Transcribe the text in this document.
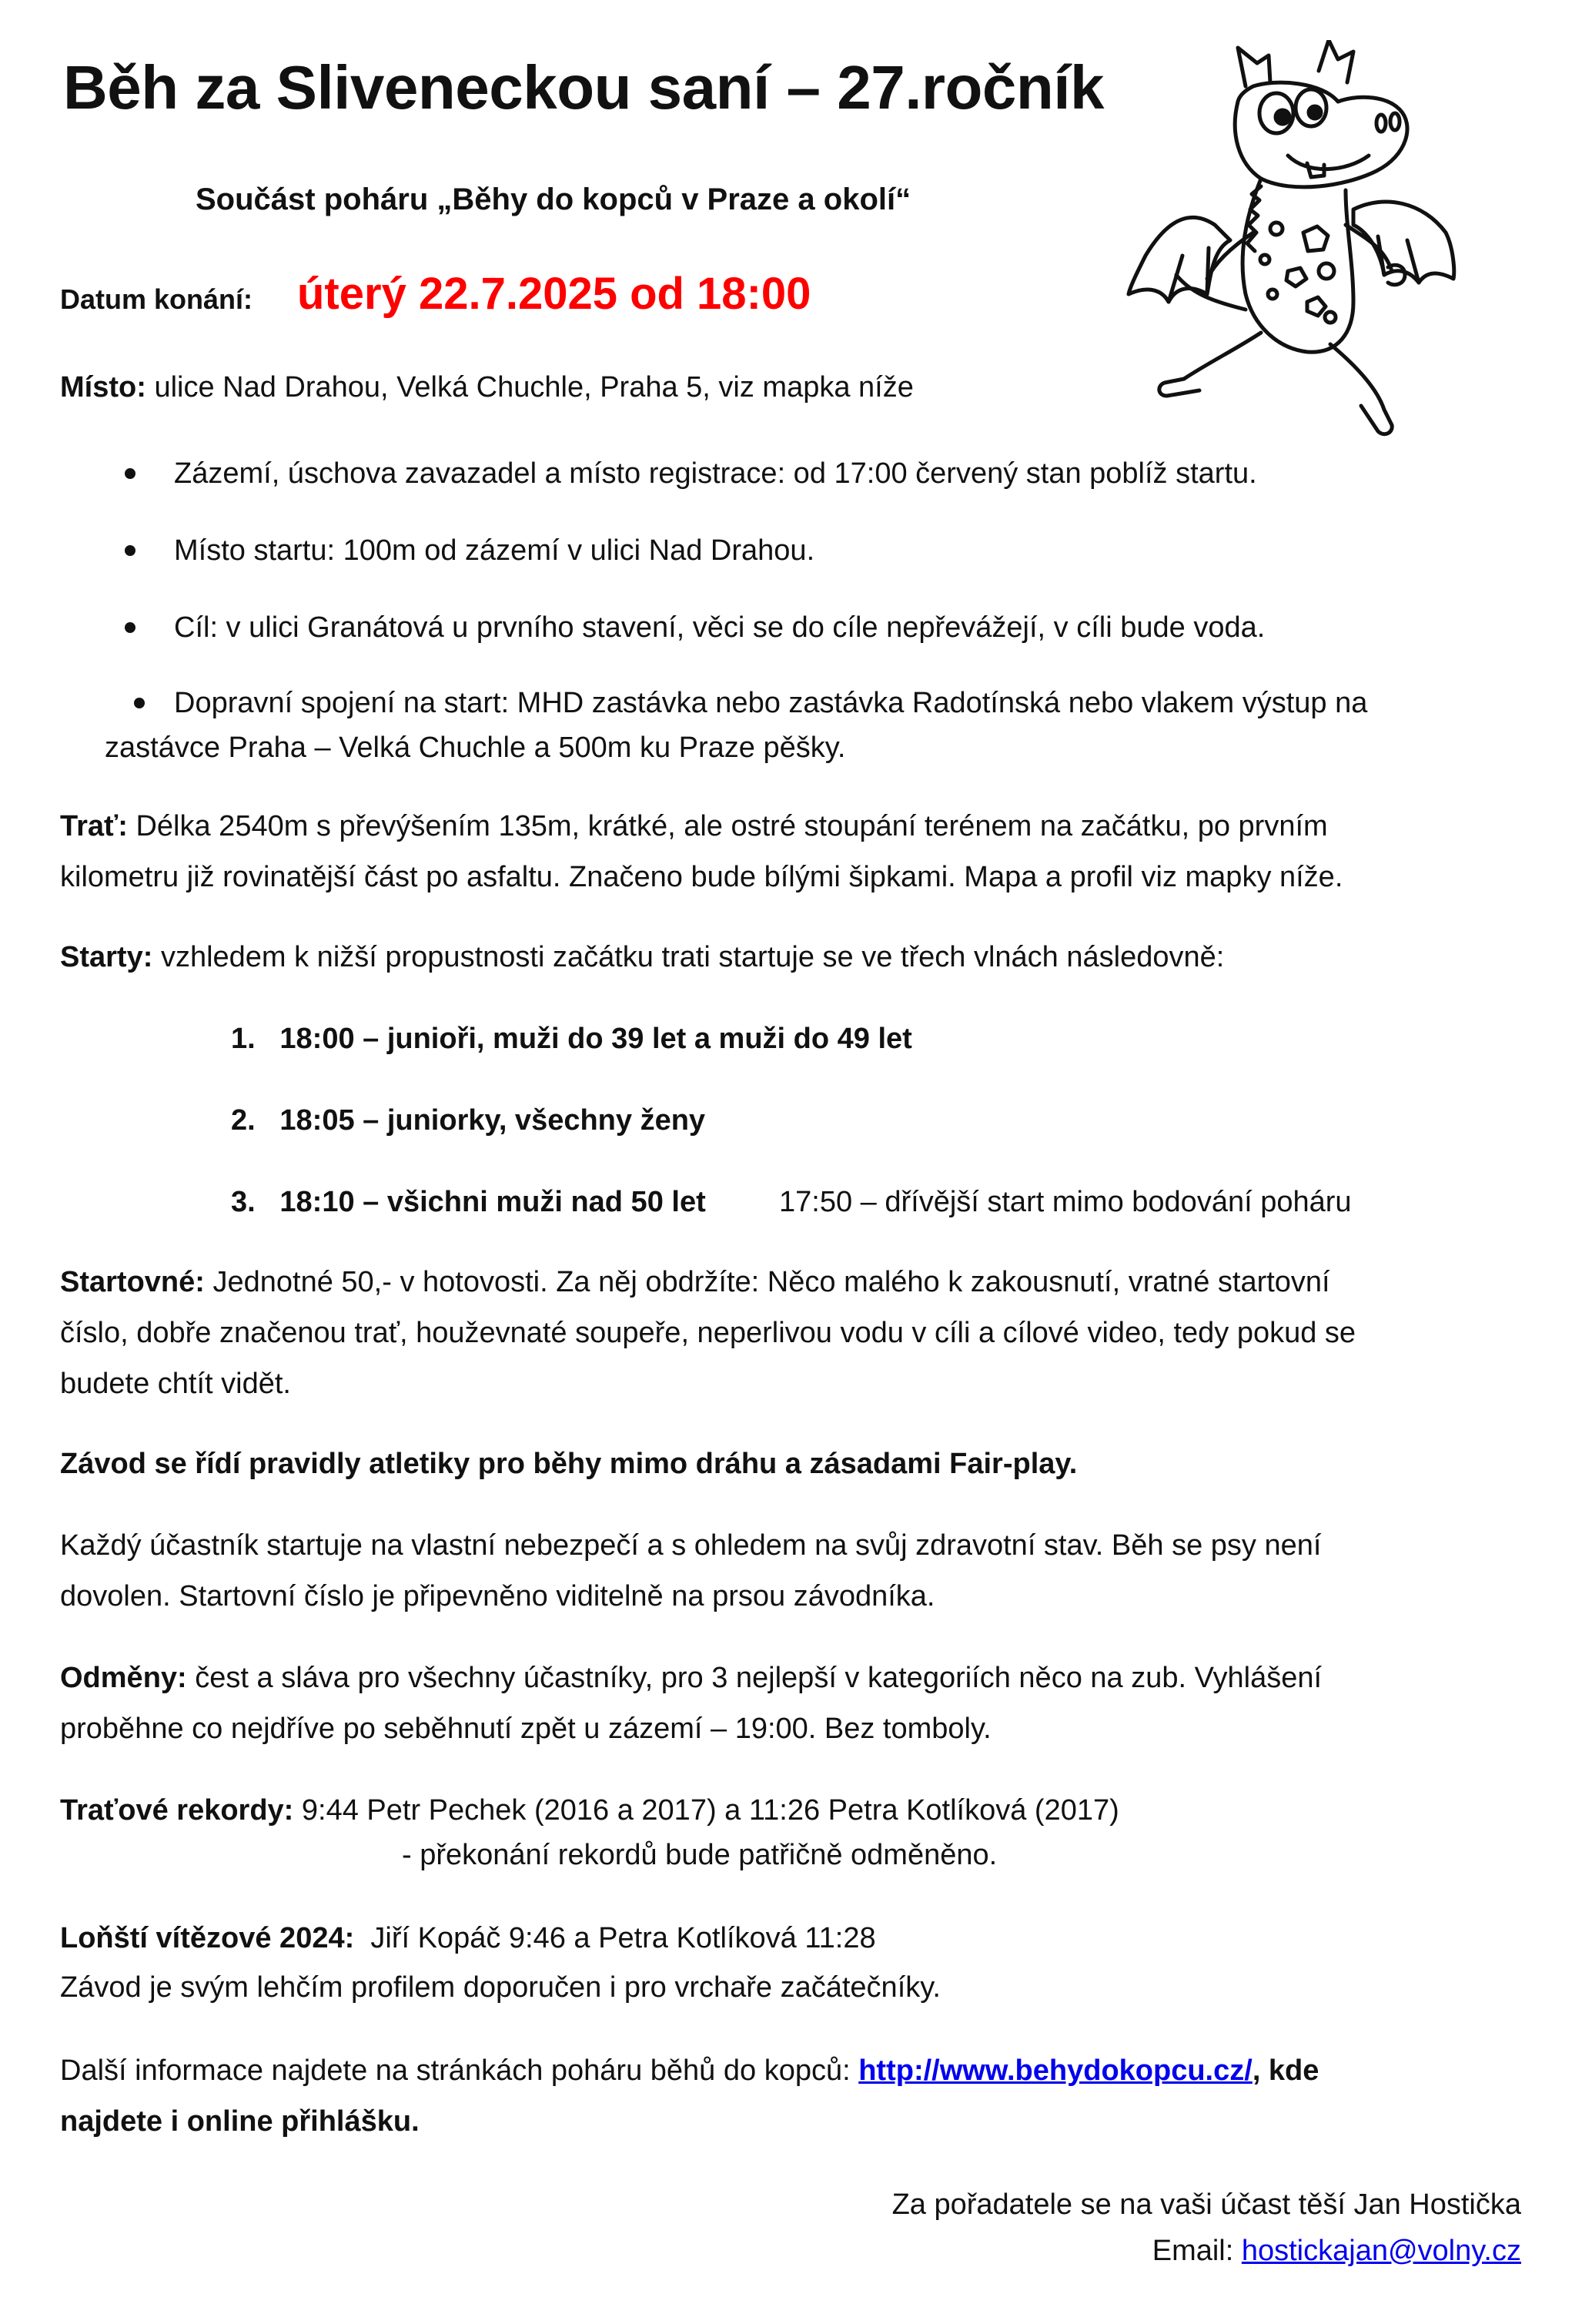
Běh za Sliveneckou saní – 27.ročník
Součást poháru „Běhy do kopců v Praze a okolí“
Datum konání: úterý 22.7.2025 od 18:00
Místo: ulice Nad Drahou, Velká Chuchle, Praha 5, viz mapka níže
Zázemí, úschova zavazadel a místo registrace: od 17:00 červený stan poblíž startu.
Místo startu: 100m od zázemí v ulici Nad Drahou.
Cíl: v ulici Granátová u prvního stavení, věci se do cíle nepřevážejí, v cíli bude voda.
Dopravní spojení na start: MHD zastávka nebo zastávka Radotínská nebo vlakem výstup na
zastávce Praha – Velká Chuchle a 500m ku Praze pěšky.
Trať: Délka 2540m s převýšením 135m, krátké, ale ostré stoupání terénem na začátku, po prvním
kilometru již rovinatější část po asfaltu. Značeno bude bílými šipkami. Mapa a profil viz mapky níže.
Starty: vzhledem k nižší propustnosti začátku trati startuje se ve třech vlnách následovně:
1. 18:00 – junioři, muži do 39 let a muži do 49 let
2. 18:05 – juniorky, všechny ženy
3. 18:10 – všichni muži nad 50 let	17:50 – dřívější start mimo bodování poháru
Startovné: Jednotné 50,- v hotovosti. Za něj obdržíte: Něco malého k zakousnutí, vratné startovní
číslo, dobře značenou trať, houževnaté soupeře, neperlivou vodu v cíli a cílové video, tedy pokud se
budete chtít vidět.
Závod se řídí pravidly atletiky pro běhy mimo dráhu a zásadami Fair-play.
Každý účastník startuje na vlastní nebezpečí a s ohledem na svůj zdravotní stav. Běh se psy není
dovolen. Startovní číslo je připevněno viditelně na prsou závodníka.
Odměny: čest a sláva pro všechny účastníky, pro 3 nejlepší v kategoriích něco na zub. Vyhlášení
proběhne co nejdříve po seběhnutí zpět u zázemí – 19:00. Bez tomboly.
Traťové rekordy: 9:44 Petr Pechek (2016 a 2017) a 11:26 Petra Kotlíková (2017)
- překonání rekordů bude patřičně odměněno.
Loňští vítězové 2024: Jiří Kopáč 9:46 a Petra Kotlíková 11:28
Závod je svým lehčím profilem doporučen i pro vrchaře začátečníky.
Další informace najdete na stránkách poháru běhů do kopců: http://www.behydokopcu.cz/, kde
najdete i online přihlášku.
Za pořadatele se na vaši účast těší Jan Hostička
Email: hostickajan@volny.cz
